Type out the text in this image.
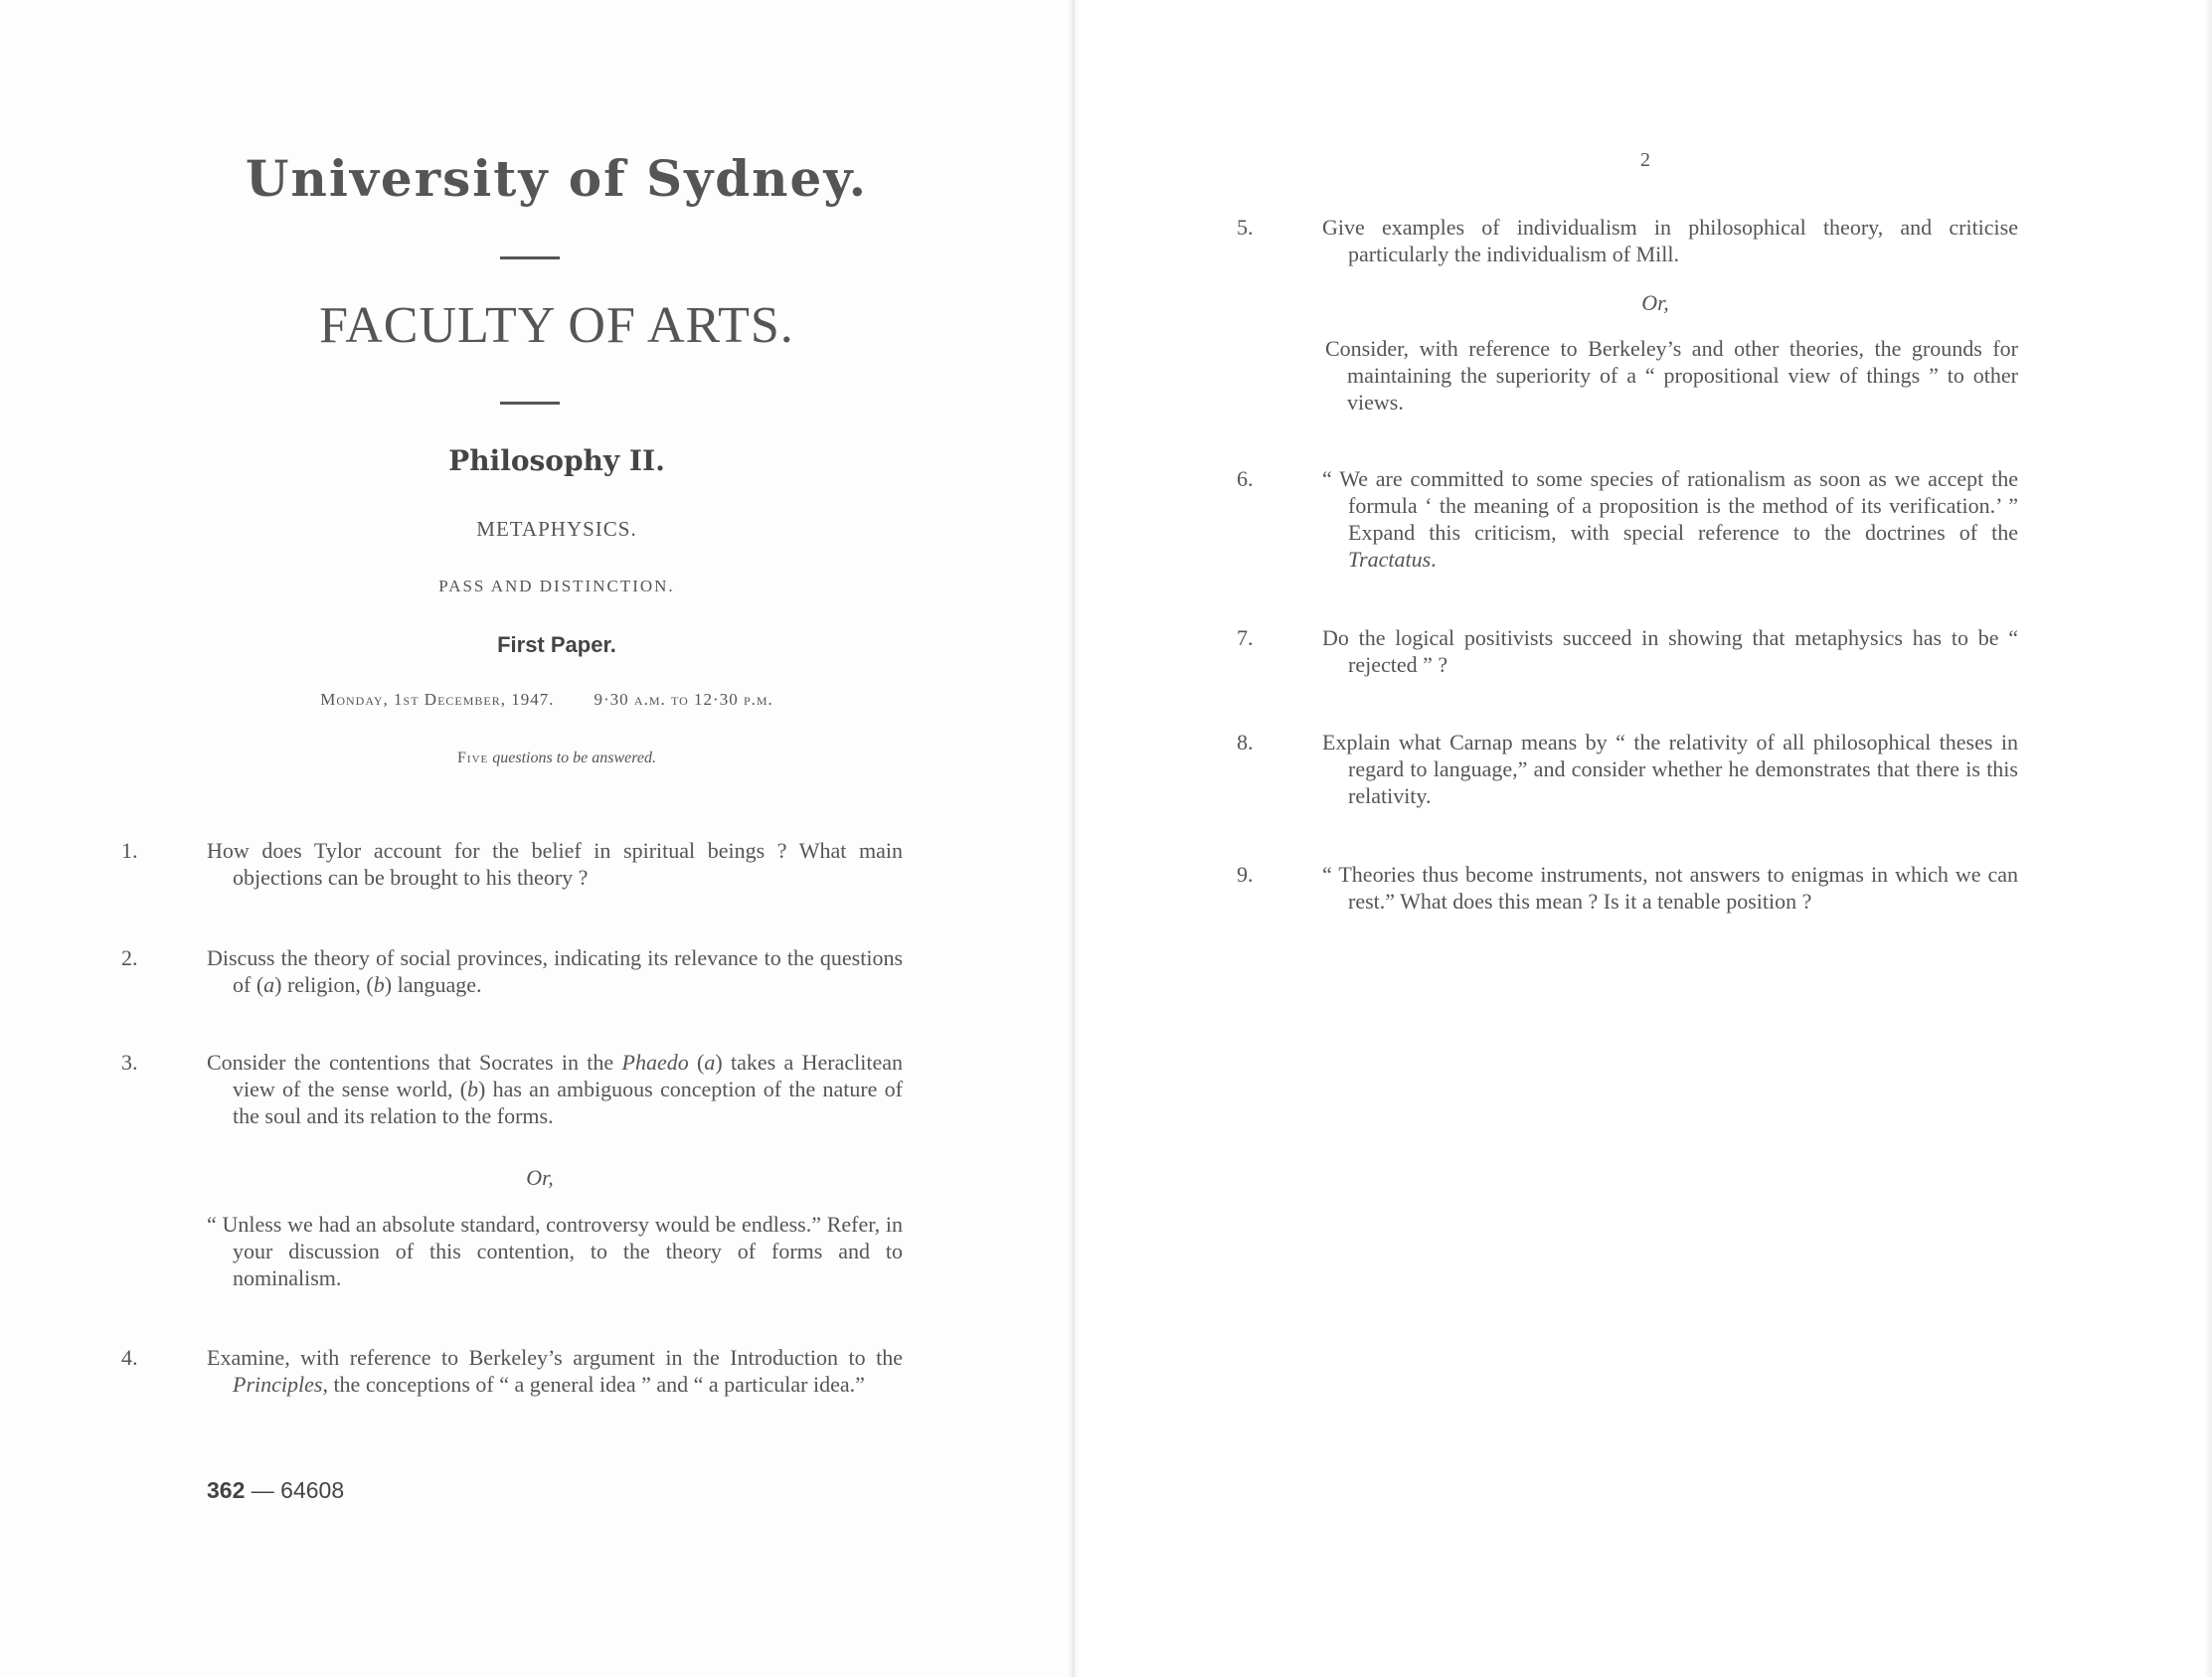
University of Sydney.
FACULTY OF ARTS.
Philosophy II.
METAPHYSICS.
PASS AND DISTINCTION.
First Paper.
Monday, 1st December, 1947. 9·30 a.m. to 12·30 p.m.
Five questions to be answered.
1.	How does Tylor account for the belief in spiritual beings ? What main objections can be brought to his theory ?
2.	Discuss the theory of social provinces, indicating its relevance to the questions of (a) religion, (b) language.
3.	Consider the contentions that Socrates in the Phaedo (a) takes a Heraclitean view of the sense world, (b) has an ambiguous conception of the nature of the soul and its relation to the forms.
Or,
“ Unless we had an absolute standard, controversy would be endless.” Refer, in your discussion of this contention, to the theory of forms and to nominalism.
4.	Examine, with reference to Berkeley’s argument in the Introduction to the Principles, the conceptions of “ a general idea ” and “ a particular idea.”
362 — 64608
2
5.	Give examples of individualism in philosophical theory, and criticise particularly the individualism of Mill.
Or,
Consider, with reference to Berkeley’s and other theories, the grounds for maintaining the superiority of a “ propositional view of things ” to other views.
6.	“ We are committed to some species of rationalism as soon as we accept the formula ‘ the meaning of a proposition is the method of its verification.’ ” Expand this criticism, with special reference to the doctrines of the Tractatus.
7.	Do the logical positivists succeed in showing that metaphysics has to be “ rejected ” ?
8.	Explain what Carnap means by “ the relativity of all philosophical theses in regard to language,” and consider whether he demonstrates that there is this relativity.
9.	“ Theories thus become instruments, not answers to enigmas in which we can rest.” What does this mean ? Is it a tenable position ?
